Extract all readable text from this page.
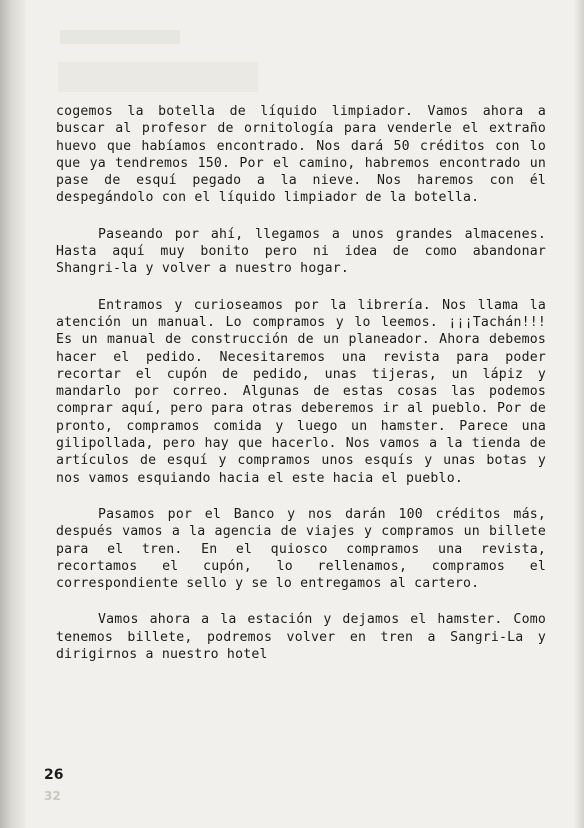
cogemos la botella de líquido limpiador. Vamos ahora a buscar al profesor de ornitología para venderle el extraño huevo que habíamos encontrado. Nos dará 50 créditos con lo que ya tendremos 150. Por el camino, habremos encontrado un pase de esquí pegado a la nieve. Nos haremos con él despegándolo con el líquido limpiador de la botella.

Paseando por ahí, llegamos a unos grandes almacenes. Hasta aquí muy bonito pero ni idea de como abandonar Shangri-la y volver a nuestro hogar.

Entramos y curioseamos por la librería. Nos llama la atención un manual. Lo compramos y lo leemos. ¡¡¡Tachán!!! Es un manual de construcción de un planeador. Ahora debemos hacer el pedido. Necesitaremos una revista para poder recortar el cupón de pedido, unas tijeras, un lápiz y mandarlo por correo. Algunas de estas cosas las podemos comprar aquí, pero para otras deberemos ir al pueblo. Por de pronto, compramos comida y luego un hamster. Parece una gilipollada, pero hay que hacerlo. Nos vamos a la tienda de artículos de esquí y compramos unos esquís y unas botas y nos vamos esquiando hacia el este hacia el pueblo.

Pasamos por el Banco y nos darán 100 créditos más, después vamos a la agencia de viajes y compramos un billete para el tren. En el quiosco compramos una revista, recortamos el cupón, lo rellenamos, compramos el correspondiente sello y se lo entregamos al cartero.

Vamos ahora a la estación y dejamos el hamster. Como tenemos billete, podremos volver en tren a Sangri-La y dirigirnos a nuestro hotel

26
32
